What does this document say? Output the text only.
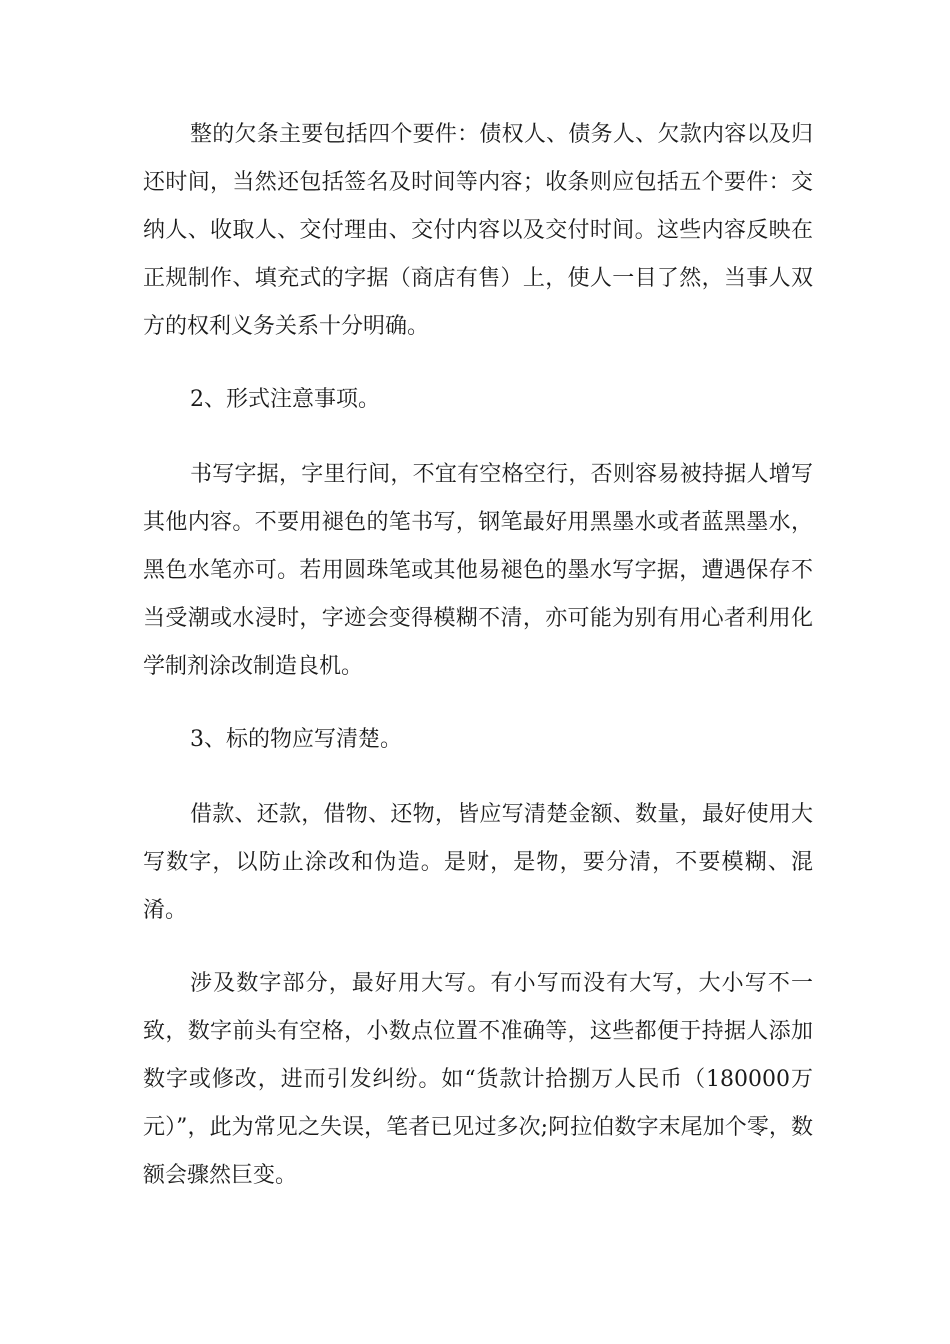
整的欠条主要包括四个要件：债权人、债务人、欠款内容以及归还时间，当然还包括签名及时间等内容；收条则应包括五个要件：交纳人、收取人、交付理由、交付内容以及交付时间。这些内容反映在正规制作、填充式的字据（商店有售）上，使人一目了然，当事人双方的权利义务关系十分明确。

2、形式注意事项。

书写字据，字里行间，不宜有空格空行，否则容易被持据人增写其他内容。不要用褪色的笔书写，钢笔最好用黑墨水或者蓝黑墨水，黑色水笔亦可。若用圆珠笔或其他易褪色的墨水写字据，遭遇保存不当受潮或水浸时，字迹会变得模糊不清，亦可能为别有用心者利用化学制剂涂改制造良机。

3、标的物应写清楚。

借款、还款，借物、还物，皆应写清楚金额、数量，最好使用大写数字，以防止涂改和伪造。是财，是物，要分清，不要模糊、混淆。

涉及数字部分，最好用大写。有小写而没有大写，大小写不一致，数字前头有空格，小数点位置不准确等，这些都便于持据人添加数字或修改，进而引发纠纷。如“货款计拾捌万人民币（180000万元）”，此为常见之失误，笔者已见过多次;阿拉伯数字末尾加个零，数额会骤然巨变。
